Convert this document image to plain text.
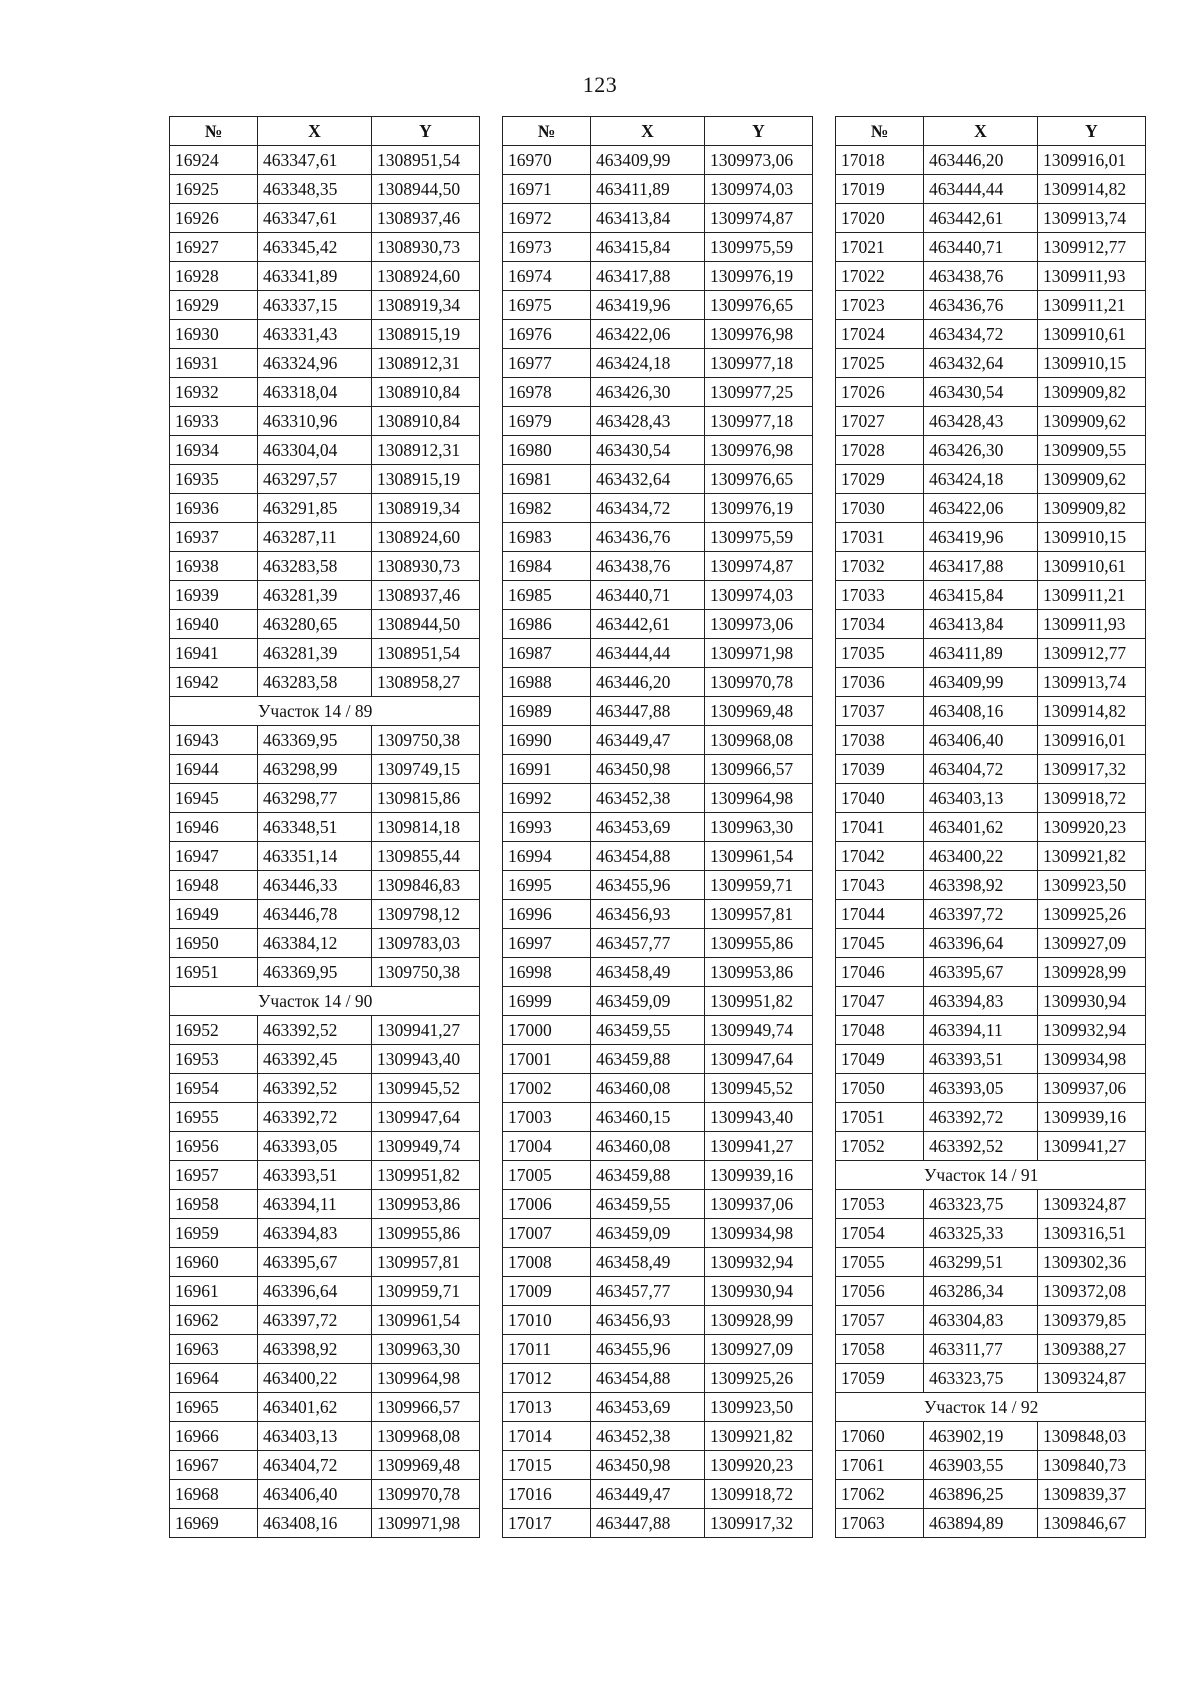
123
№	X	Y
16924	463347,61	1308951,54
16925	463348,35	1308944,50
16926	463347,61	1308937,46
16927	463345,42	1308930,73
16928	463341,89	1308924,60
16929	463337,15	1308919,34
16930	463331,43	1308915,19
16931	463324,96	1308912,31
16932	463318,04	1308910,84
16933	463310,96	1308910,84
16934	463304,04	1308912,31
16935	463297,57	1308915,19
16936	463291,85	1308919,34
16937	463287,11	1308924,60
16938	463283,58	1308930,73
16939	463281,39	1308937,46
16940	463280,65	1308944,50
16941	463281,39	1308951,54
16942	463283,58	1308958,27
Участок 14 / 89		
16943	463369,95	1309750,38
16944	463298,99	1309749,15
16945	463298,77	1309815,86
16946	463348,51	1309814,18
16947	463351,14	1309855,44
16948	463446,33	1309846,83
16949	463446,78	1309798,12
16950	463384,12	1309783,03
16951	463369,95	1309750,38
Участок 14 / 90		
16952	463392,52	1309941,27
16953	463392,45	1309943,40
16954	463392,52	1309945,52
16955	463392,72	1309947,64
16956	463393,05	1309949,74
16957	463393,51	1309951,82
16958	463394,11	1309953,86
16959	463394,83	1309955,86
16960	463395,67	1309957,81
16961	463396,64	1309959,71
16962	463397,72	1309961,54
16963	463398,92	1309963,30
16964	463400,22	1309964,98
16965	463401,62	1309966,57
16966	463403,13	1309968,08
16967	463404,72	1309969,48
16968	463406,40	1309970,78
16969	463408,16	1309971,98
№	X	Y
16970	463409,99	1309973,06
16971	463411,89	1309974,03
16972	463413,84	1309974,87
16973	463415,84	1309975,59
16974	463417,88	1309976,19
16975	463419,96	1309976,65
16976	463422,06	1309976,98
16977	463424,18	1309977,18
16978	463426,30	1309977,25
16979	463428,43	1309977,18
16980	463430,54	1309976,98
16981	463432,64	1309976,65
16982	463434,72	1309976,19
16983	463436,76	1309975,59
16984	463438,76	1309974,87
16985	463440,71	1309974,03
16986	463442,61	1309973,06
16987	463444,44	1309971,98
16988	463446,20	1309970,78
16989	463447,88	1309969,48
16990	463449,47	1309968,08
16991	463450,98	1309966,57
16992	463452,38	1309964,98
16993	463453,69	1309963,30
16994	463454,88	1309961,54
16995	463455,96	1309959,71
16996	463456,93	1309957,81
16997	463457,77	1309955,86
16998	463458,49	1309953,86
16999	463459,09	1309951,82
17000	463459,55	1309949,74
17001	463459,88	1309947,64
17002	463460,08	1309945,52
17003	463460,15	1309943,40
17004	463460,08	1309941,27
17005	463459,88	1309939,16
17006	463459,55	1309937,06
17007	463459,09	1309934,98
17008	463458,49	1309932,94
17009	463457,77	1309930,94
17010	463456,93	1309928,99
17011	463455,96	1309927,09
17012	463454,88	1309925,26
17013	463453,69	1309923,50
17014	463452,38	1309921,82
17015	463450,98	1309920,23
17016	463449,47	1309918,72
17017	463447,88	1309917,32
№	X	Y
17018	463446,20	1309916,01
17019	463444,44	1309914,82
17020	463442,61	1309913,74
17021	463440,71	1309912,77
17022	463438,76	1309911,93
17023	463436,76	1309911,21
17024	463434,72	1309910,61
17025	463432,64	1309910,15
17026	463430,54	1309909,82
17027	463428,43	1309909,62
17028	463426,30	1309909,55
17029	463424,18	1309909,62
17030	463422,06	1309909,82
17031	463419,96	1309910,15
17032	463417,88	1309910,61
17033	463415,84	1309911,21
17034	463413,84	1309911,93
17035	463411,89	1309912,77
17036	463409,99	1309913,74
17037	463408,16	1309914,82
17038	463406,40	1309916,01
17039	463404,72	1309917,32
17040	463403,13	1309918,72
17041	463401,62	1309920,23
17042	463400,22	1309921,82
17043	463398,92	1309923,50
17044	463397,72	1309925,26
17045	463396,64	1309927,09
17046	463395,67	1309928,99
17047	463394,83	1309930,94
17048	463394,11	1309932,94
17049	463393,51	1309934,98
17050	463393,05	1309937,06
17051	463392,72	1309939,16
17052	463392,52	1309941,27
Участок 14 / 91		
17053	463323,75	1309324,87
17054	463325,33	1309316,51
17055	463299,51	1309302,36
17056	463286,34	1309372,08
17057	463304,83	1309379,85
17058	463311,77	1309388,27
17059	463323,75	1309324,87
Участок 14 / 92		
17060	463902,19	1309848,03
17061	463903,55	1309840,73
17062	463896,25	1309839,37
17063	463894,89	1309846,67
